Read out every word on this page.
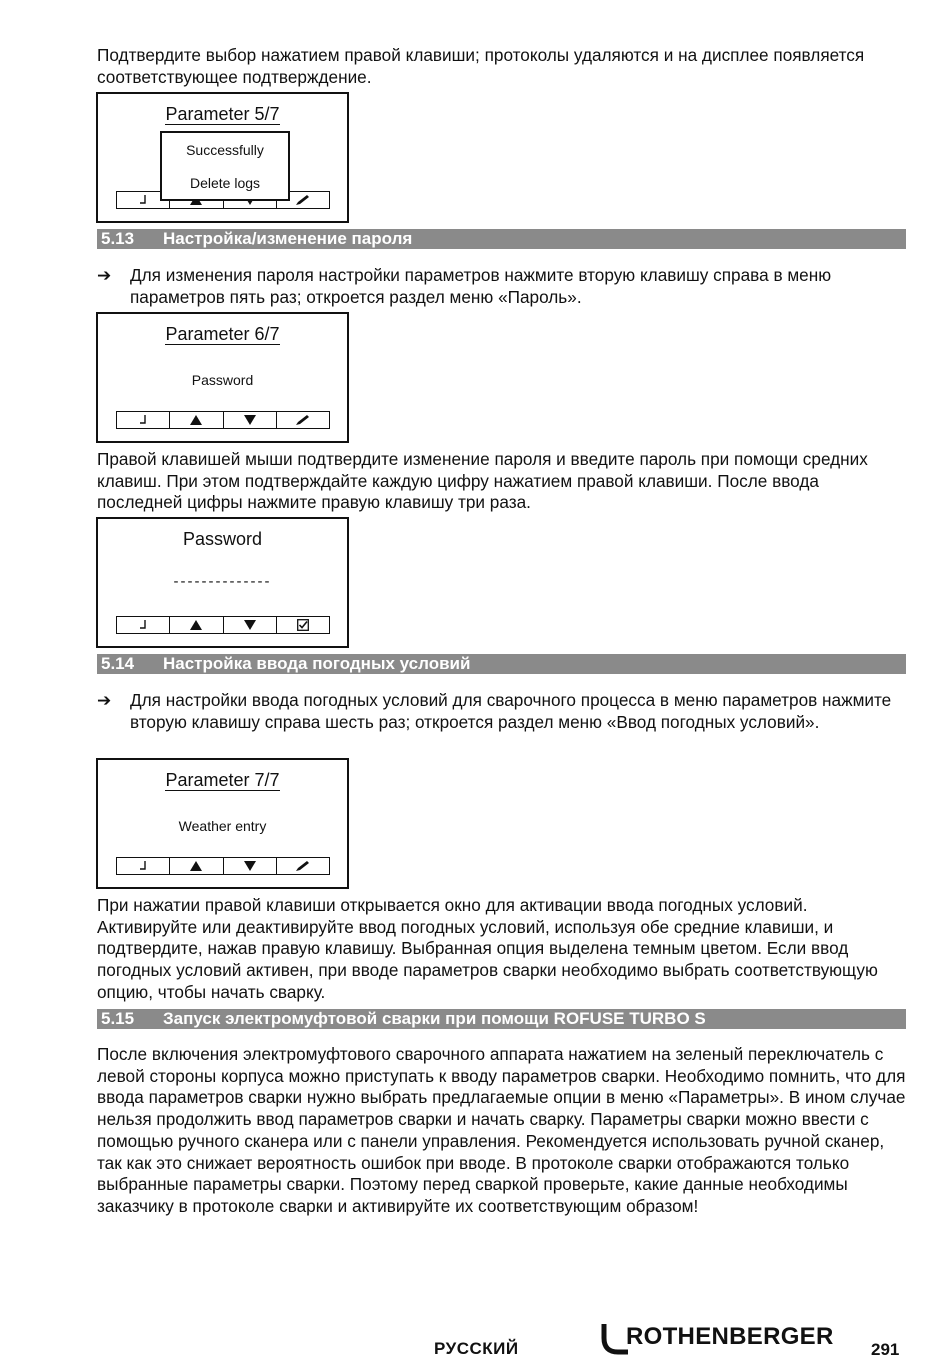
Подтвердите выбор нажатием правой клавиши; протоколы удаляются и на дисплее появляется соответствующее подтверждение.

Parameter 5/7
Successfully
Delete logs
5.13 Настройка/изменение пароля
➔ Для изменения пароля настройки параметров нажмите вторую клавишу справа в меню параметров пять раз; откроется раздел меню «Пароль».
Parameter 6/7
Password

Правой клавишей мыши подтвердите изменение пароля и введите пароль при помощи средних клавиш. При этом подтверждайте каждую цифру нажатием правой клавиши. После ввода последней цифры нажмите правую клавишу три раза.

Password
--------------
5.14 Настройка ввода погодных условий
➔ Для настройки ввода погодных условий для сварочного процесса в меню параметров нажмите вторую клавишу справа шесть раз; откроется раздел меню «Ввод погодных условий».
Parameter 7/7
Weather entry

При нажатии правой клавиши открывается окно для активации ввода погодных условий. Активируйте или деактивируйте ввод погодных условий, используя обе средние клавиши, и подтвердите, нажав правую клавишу. Выбранная опция выделена темным цветом. Если ввод погодных условий активен, при вводе параметров сварки необходимо выбрать соответствующую опцию, чтобы начать сварку.

5.15 Запуск электромуфтовой сварки при помощи ROFUSE TURBO S

После включения электромуфтового сварочного аппарата нажатием на зеленый переключатель с левой стороны корпуса можно приступать к вводу параметров сварки. Необходимо помнить, что для ввода параметров сварки нужно выбрать предлагаемые опции в меню «Параметры». В ином случае нельзя продолжить ввод параметров сварки и начать сварку. Параметры сварки можно ввести с помощью ручного сканера или с панели управления. Рекомендуется использовать ручной сканер, так как это снижает вероятность ошибок при вводе. В протоколе сварки отображаются только выбранные параметры сварки. Поэтому перед сваркой проверьте, какие данные необходимы заказчику в протоколе сварки и активируйте их соответствующим образом!

РУССКИЙ	ROTHENBERGER 291
